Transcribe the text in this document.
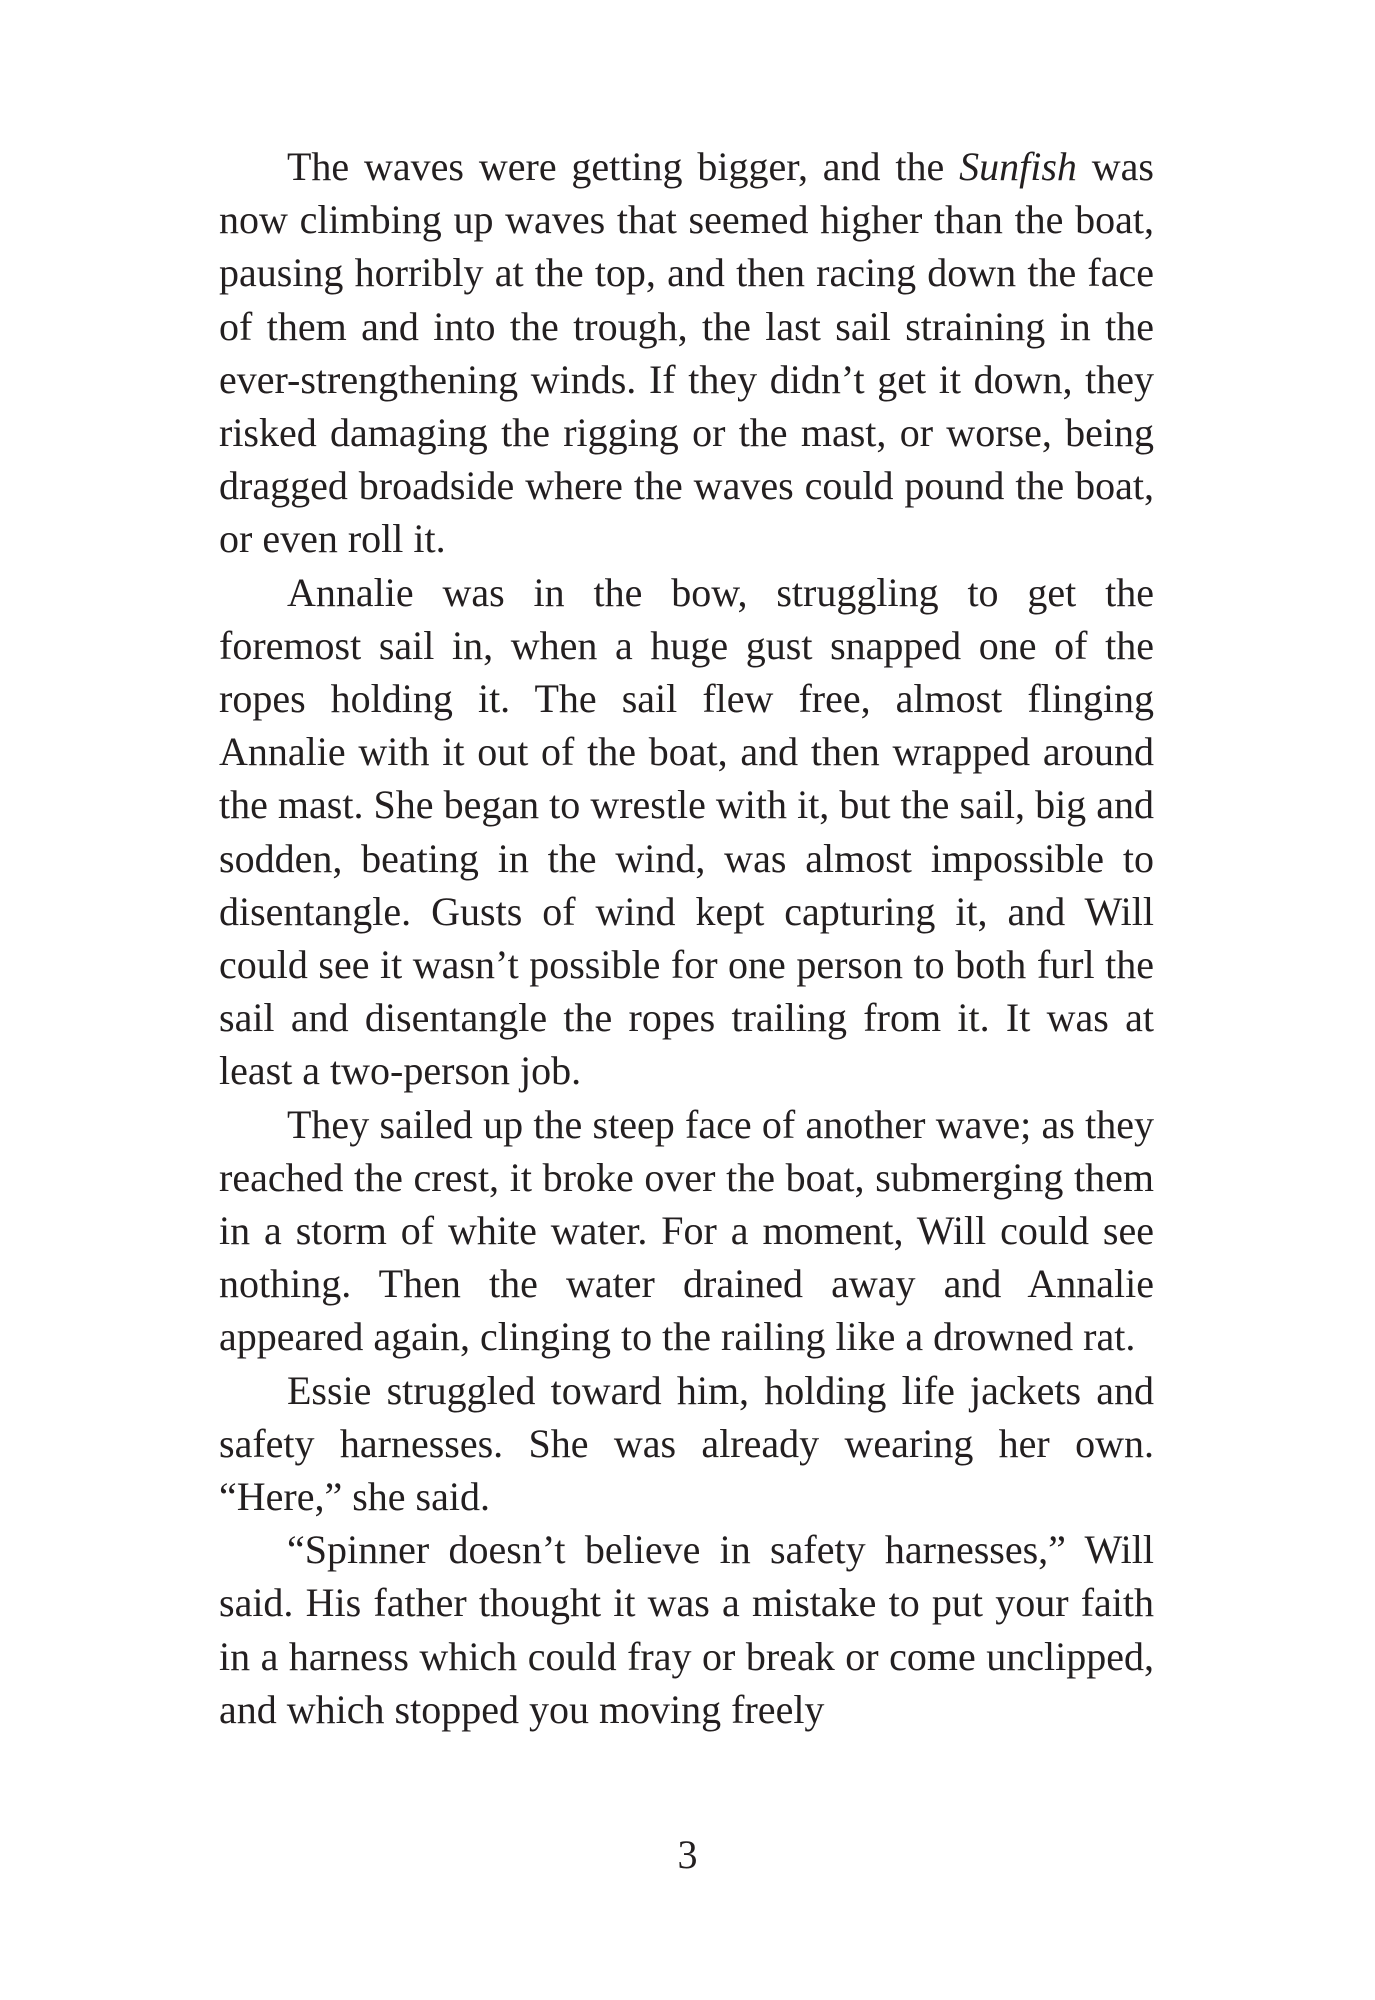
The waves were getting bigger, and the Sunfish was now climbing up waves that seemed higher than the boat, pausing horribly at the top, and then racing down the face of them and into the trough, the last sail straining in the ever-strengthening winds. If they didn’t get it down, they risked damaging the rigging or the mast, or worse, being dragged broadside where the waves could pound the boat, or even roll it.

Annalie was in the bow, struggling to get the foremost sail in, when a huge gust snapped one of the ropes holding it. The sail flew free, almost flinging Annalie with it out of the boat, and then wrapped around the mast. She began to wrestle with it, but the sail, big and sodden, beating in the wind, was almost impossible to disentangle. Gusts of wind kept capturing it, and Will could see it wasn’t possible for one person to both furl the sail and disentangle the ropes trailing from it. It was at least a two-person job.

They sailed up the steep face of another wave; as they reached the crest, it broke over the boat, submerging them in a storm of white water. For a moment, Will could see nothing. Then the water drained away and Annalie appeared again, clinging to the railing like a drowned rat.

Essie struggled toward him, holding life jackets and safety harnesses. She was already wearing her own. “Here,” she said.

“Spinner doesn’t believe in safety harnesses,” Will said. His father thought it was a mistake to put your faith in a harness which could fray or break or come unclipped, and which stopped you moving freely

3
